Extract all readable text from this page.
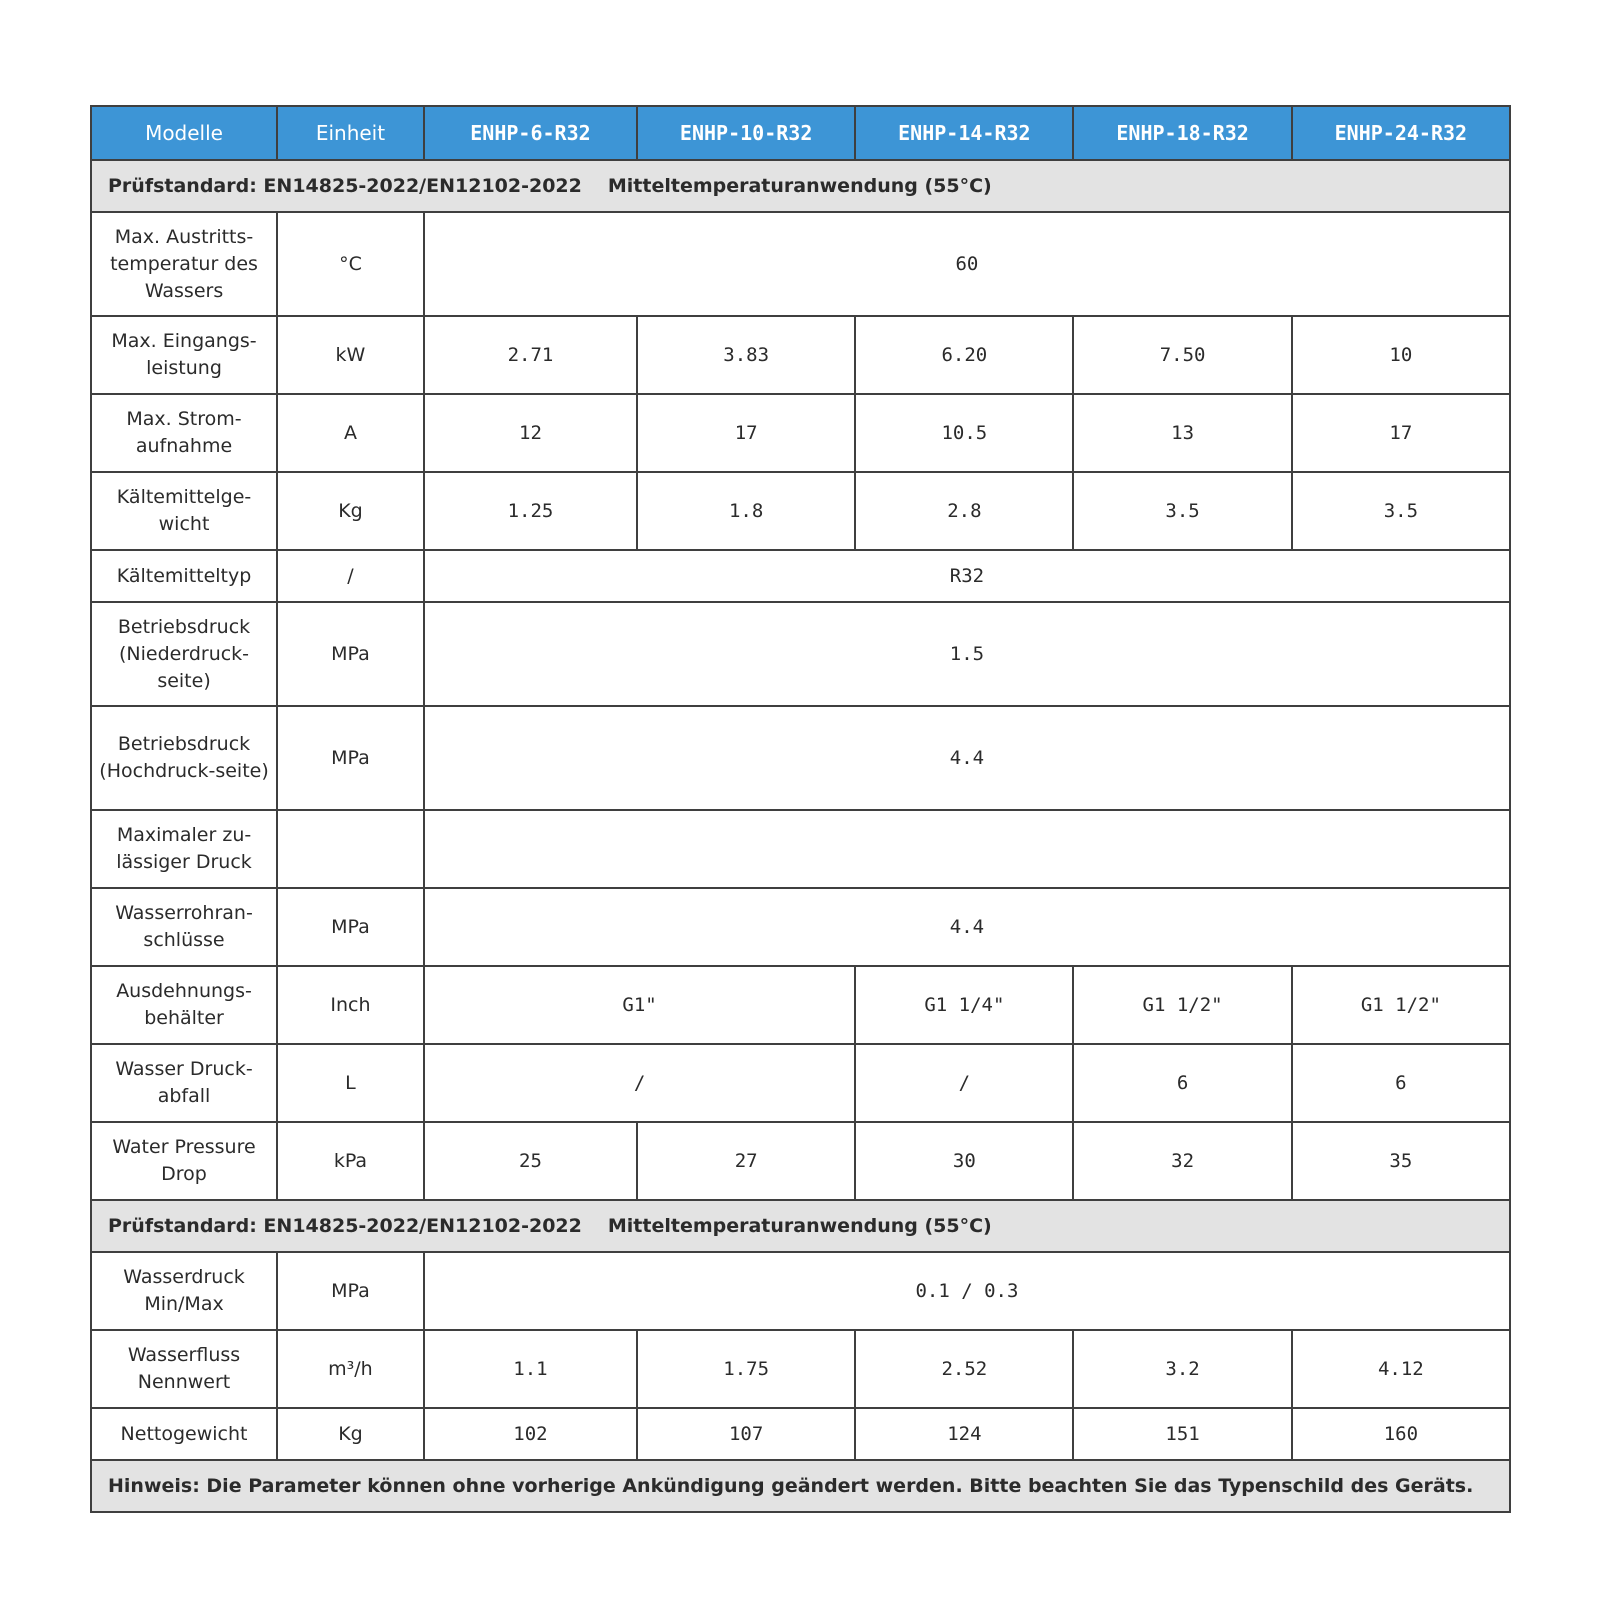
Modelle	Einheit	ENHP-6-R32	ENHP-10-R32	ENHP-14-R32	ENHP-18-R32	ENHP-24-R32
Prüfstandard: EN14825-2022/EN12102-2022 Mitteltemperaturanwendung (55°C)						
Max. Austritts-temperatur des Wassers	°C	60				
Max. Eingangs-leistung	kW	2.71	3.83	6.20	7.50	10
Max. Strom-aufnahme	A	12	17	10.5	13	17
Kältemittelge-wicht	Kg	1.25	1.8	2.8	3.5	3.5
Kältemitteltyp	/	R32				
Betriebsdruck (Niederdruck-seite)	MPa	1.5				
Betriebsdruck (Hochdruck-seite)	MPa	4.4				
Maximaler zu-lässiger Druck						
Wasserrohran-schlüsse	MPa	4.4				
Ausdehnungs-behälter	Inch	G1"		G1 1/4"	G1 1/2"	G1 1/2"
Wasser Druck-abfall	L	/		/	6	6
Water Pressure Drop	kPa	25	27	30	32	35
Prüfstandard: EN14825-2022/EN12102-2022 Mitteltemperaturanwendung (55°C)						
Wasserdruck Min/Max	MPa	0.1 / 0.3				
Wasserfluss Nennwert	m³/h	1.1	1.75	2.52	3.2	4.12
Nettogewicht	Kg	102	107	124	151	160
Hinweis: Die Parameter können ohne vorherige Ankündigung geändert werden. Bitte beachten Sie das Typenschild des Geräts.						
